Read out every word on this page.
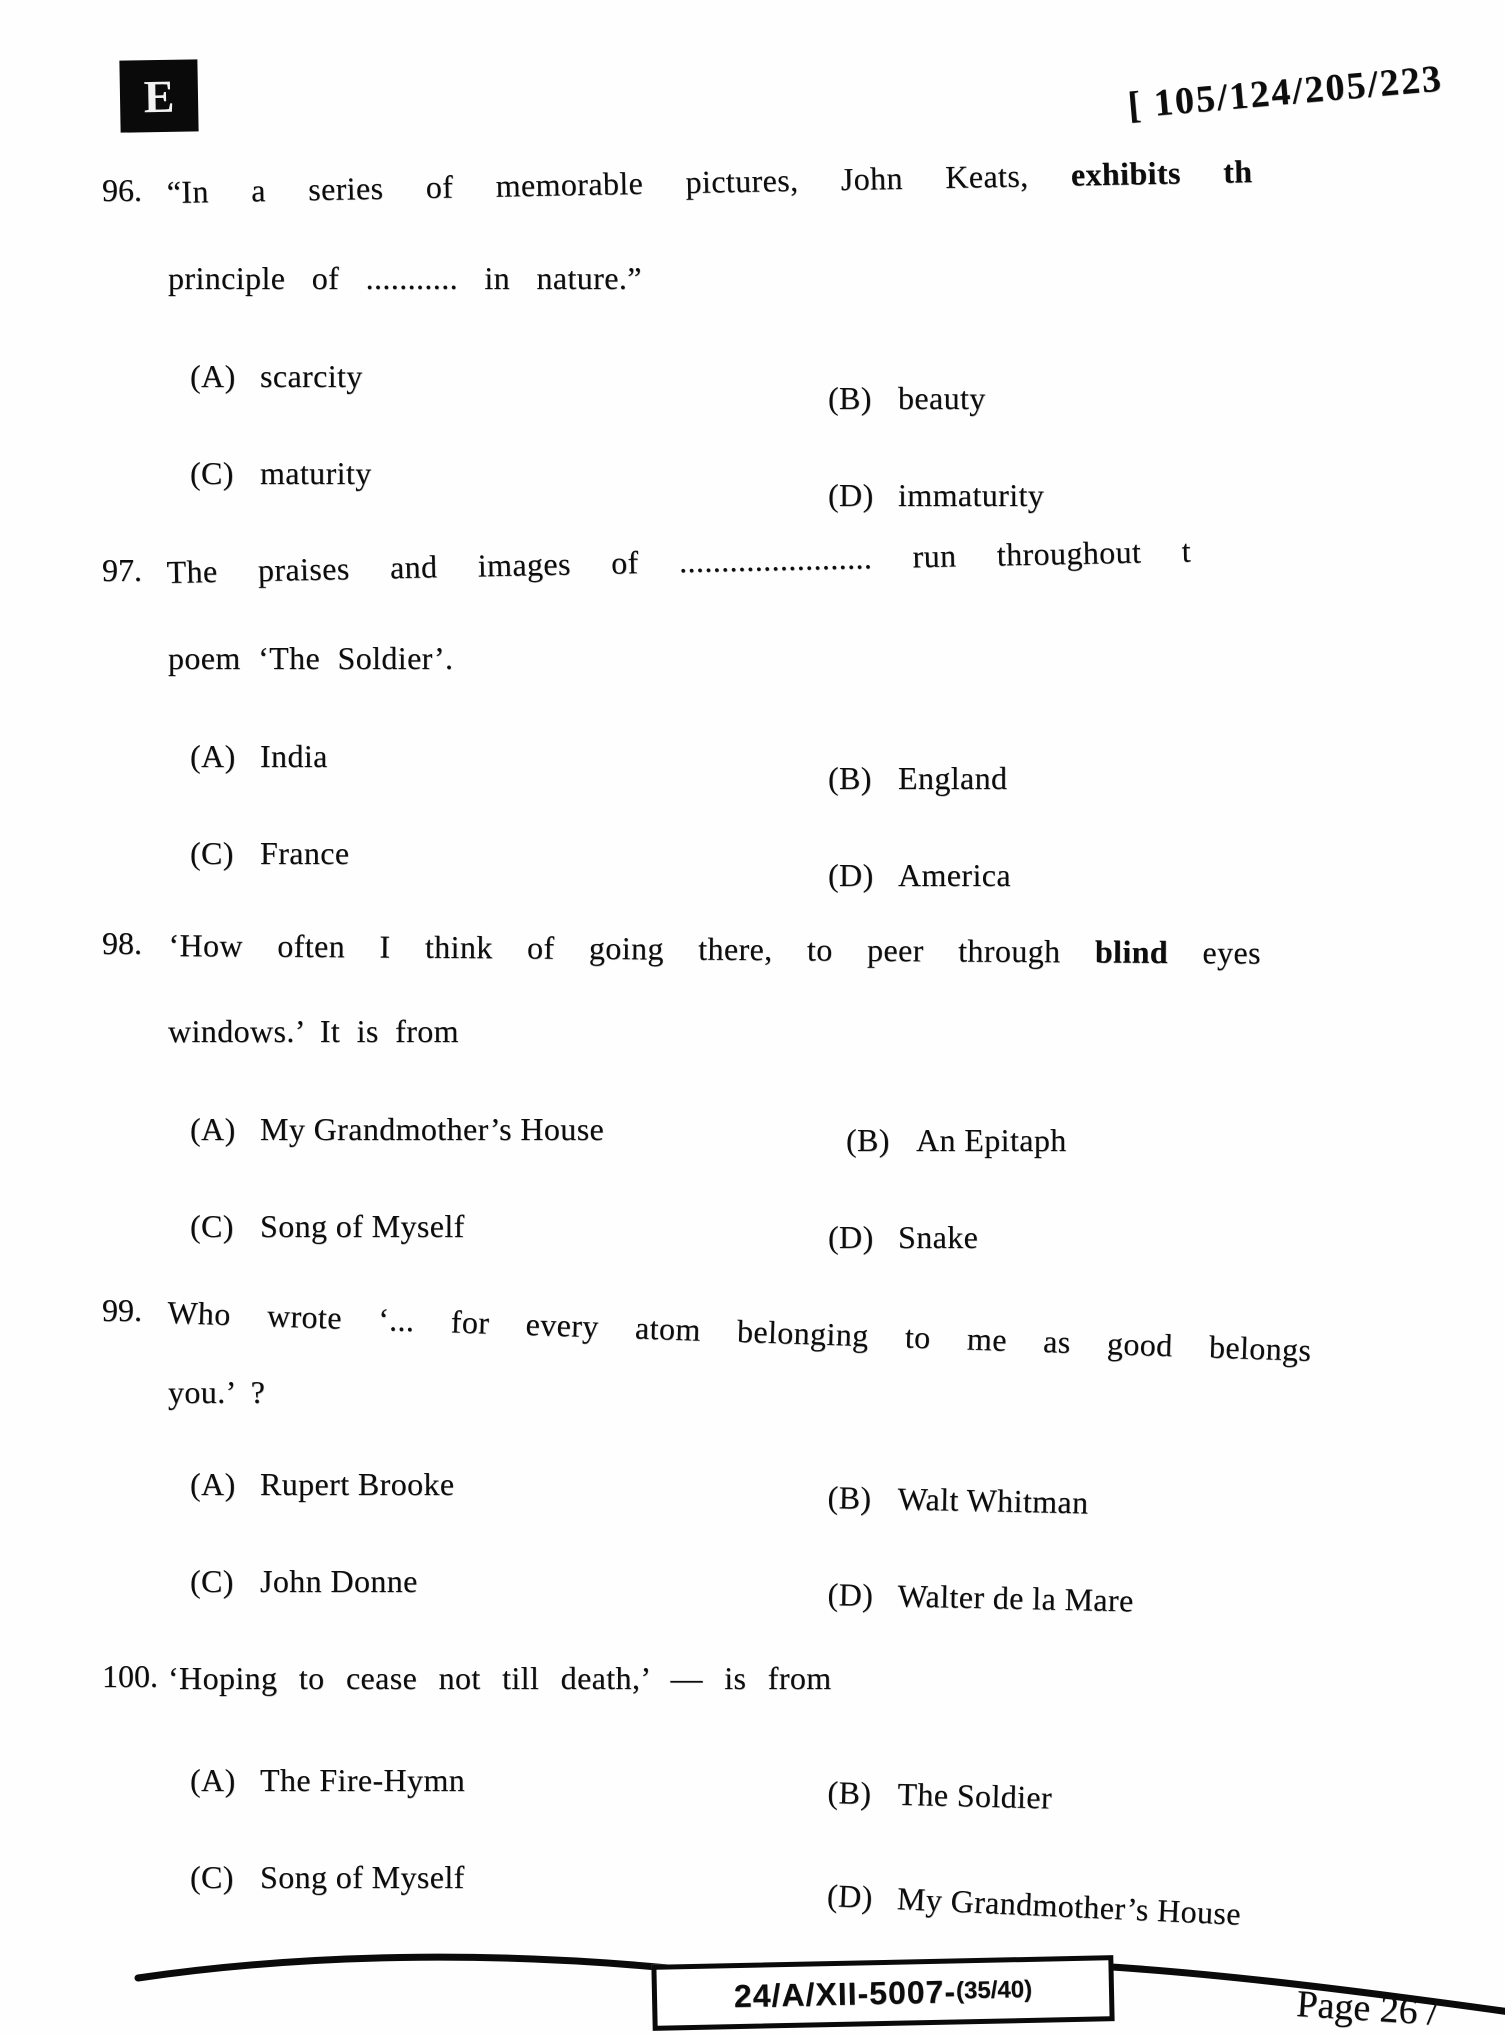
E	[ 105/124/205/223
96. “In a series of memorable pictures, John Keats, exhibits th
principle of ........... in nature.”
(A) scarcity
(B) beauty
(C) maturity
(D) immaturity
97. The praises and images of ....................... run throughout t
poem ‘The Soldier’.
(A) India
(B) England
(C) France
(D) America
98. ‘How often I think of going there, to peer through blind eyes
windows.’ It is from
(A) My Grandmother’s House	(B) An Epitaph
(C) Song of Myself	(D) Snake
99. Who wrote ‘... for every atom belonging to me as good belongs
you.’ ?
(A) Rupert Brooke	(B) Walt Whitman
(C) John Donne	(D) Walter de la Mare
100. ‘Hoping to cease not till death,’ — is from
(A) The Fire-Hymn	(B) The Soldier
(C) Song of Myself	(D) My Grandmother’s House
24/A/XII-5007- (35/40)	Page 26 /
